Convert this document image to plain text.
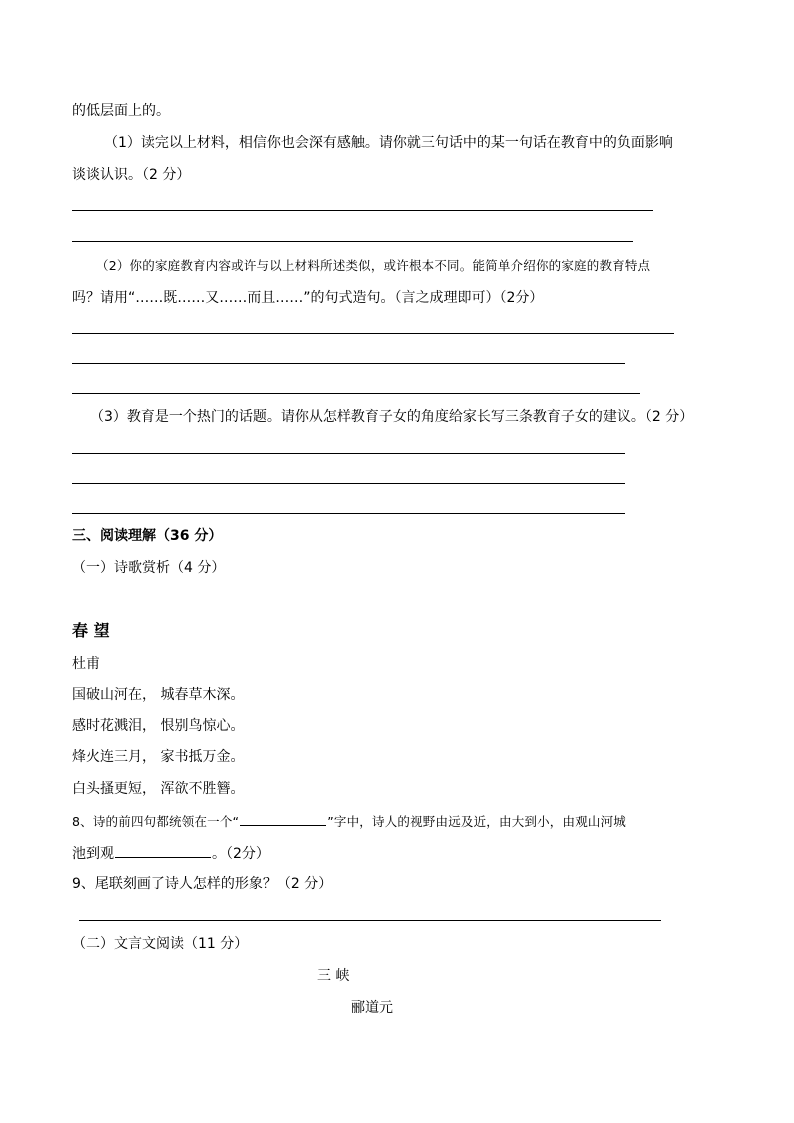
的低层面上的。
（1）读完以上材料，相信你也会深有感触。请你就三句话中的某一句话在教育中的负面影响
谈谈认识。（2 分）
（2）你的家庭教育内容或许与以上材料所述类似，或许根本不同。能简单介绍你的家庭的教育特点
吗？请用“……既……又……而且……”的句式造句。（言之成理即可）（2分）
（3）教育是一个热门的话题。请你从怎样教育子女的角度给家长写三条教育子女的建议。（2 分）
三、阅读理解（36 分）
（一）诗歌赏析（4 分）
春 望
杜甫
国破山河在， 城春草木深。
感时花溅泪， 恨别鸟惊心。
烽火连三月， 家书抵万金。
白头搔更短， 浑欲不胜簪。
8、诗的前四句都统领在一个“	”字中，诗人的视野由远及近，由大到小，由观山河城
池到观	。（2分）
9、尾联刻画了诗人怎样的形象？（2 分）
（二）文言文阅读（11 分）
三 峡
郦道元
